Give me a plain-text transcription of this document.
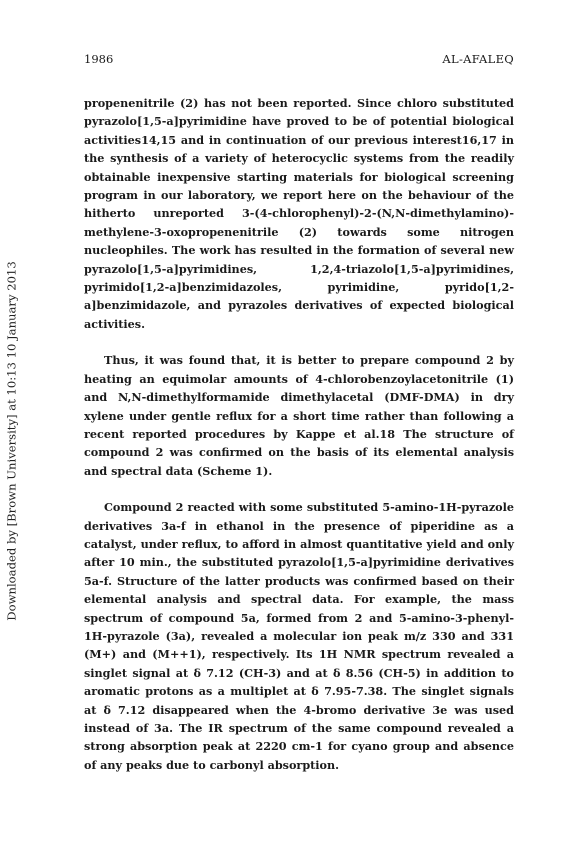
1986	AL-AFALEQ
Downloaded by [Brown University] at 10:13 10 January 2013

propenenitrile (2) has not been reported. Since chloro substituted pyrazolo[1,5-a]pyrimidine have proved to be of potential biological activities14,15 and in continuation of our previous interest16,17 in the synthesis of a variety of heterocyclic systems from the readily obtainable inexpensive starting materials for biological screening program in our laboratory, we report here on the behaviour of the hitherto unreported 3-(4-chlorophenyl)-2-(N,N-dimethylamino)-methylene-3-oxopropenenitrile (2) towards some nitrogen nucleophiles. The work has resulted in the formation of several new pyrazolo[1,5-a]pyrimidines, 1,2,4-triazolo[1,5-a]pyrimidines, pyrimido[1,2-a]benzimidazoles, pyrimidine, pyrido[1,2-a]benzimidazole, and pyrazoles derivatives of expected biological activities.

Thus, it was found that, it is better to prepare compound 2 by heating an equimolar amounts of 4-chlorobenzoylacetonitrile (1) and N,N-dimethylformamide dimethylacetal (DMF-DMA) in dry xylene under gentle reflux for a short time rather than following a recent reported procedures by Kappe et al.18 The structure of compound 2 was confirmed on the basis of its elemental analysis and spectral data (Scheme 1).

Compound 2 reacted with some substituted 5-amino-1H-pyrazole derivatives 3a-f in ethanol in the presence of piperidine as a catalyst, under reflux, to afford in almost quantitative yield and only after 10 min., the substituted pyrazolo[1,5-a]pyrimidine derivatives 5a-f. Structure of the latter products was confirmed based on their elemental analysis and spectral data. For example, the mass spectrum of compound 5a, formed from 2 and 5-amino-3-phenyl-1H-pyrazole (3a), revealed a molecular ion peak m/z 330 and 331 (M+) and (M++1), respectively. Its 1H NMR spectrum revealed a singlet signal at δ 7.12 (CH-3) and at δ 8.56 (CH-5) in addition to aromatic protons as a multiplet at δ 7.95-7.38. The singlet signals at δ 7.12 disappeared when the 4-bromo derivative 3e was used instead of 3a. The IR spectrum of the same compound revealed a strong absorption peak at 2220 cm-1 for cyano group and absence of any peaks due to carbonyl absorption.
